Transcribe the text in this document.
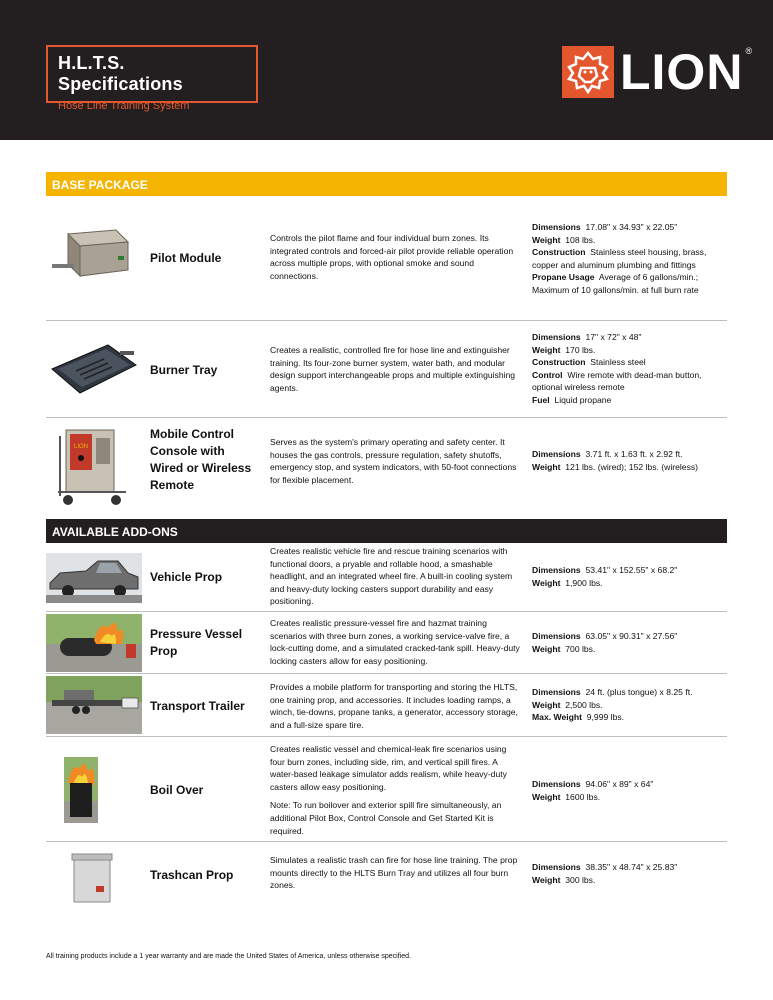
H.L.T.S. Specifications
Hose Line Training System
LION ®
BASE PACKAGE
Pilot Module
Controls the pilot flame and four individual burn zones. Its integrated controls and forced-air pilot provide reliable operation across multiple props, with optional smoke and sound connections.
Dimensions 17.08" x 34.93" x 22.05"
Weight 108 lbs.
Construction Stainless steel housing, brass, copper and aluminum plumbing and fittings
Propane Usage Average of 6 gallons/min.; Maximum of 10 gallons/min. at full burn rate
Burner Tray
Creates a realistic, controlled fire for hose line and extinguisher training. Its four-zone burner system, water bath, and modular design support interchangeable props and multiple extinguishing agents.
Dimensions 17" x 72" x 48"
Weight 170 lbs.
Construction Stainless steel
Control Wire remote with dead-man button, optional wireless remote
Fuel Liquid propane
LION
Mobile Control Console with Wired or Wireless Remote
Serves as the system's primary operating and safety center. It houses the gas controls, pressure regulation, safety shutoffs, emergency stop, and system indicators, with 50-foot connections for flexible placement.
Dimensions 3.71 ft. x 1.63 ft. x 2.92 ft.
Weight 121 lbs. (wired); 152 lbs. (wireless)
AVAILABLE ADD-ONS
Vehicle Prop
Creates realistic vehicle fire and rescue training scenarios with functional doors, a pryable and rollable hood, a smashable headlight, and an integrated wheel fire. A built-in cooling system and heavy-duty locking casters support durability and easy positioning.
Dimensions 53.41" x 152.55" x 68.2"
Weight 1,900 lbs.
Pressure Vessel Prop
Creates realistic pressure-vessel fire and hazmat training scenarios with three burn zones, a working service-valve fire, a lock-cutting dome, and a simulated cracked-tank spill. Heavy-duty locking casters allow for easy positioning.
Dimensions 63.05" x 90.31" x 27.56"
Weight 700 lbs.
Transport Trailer
Provides a mobile platform for transporting and storing the HLTS, one training prop, and accessories. It includes loading ramps, a winch, tie-downs, propane tanks, a generator, accessory storage, and a full-size spare tire.
Dimensions 24 ft. (plus tongue) x 8.25 ft.
Weight 2,500 lbs.
Max. Weight 9,999 lbs.
Boil Over
Creates realistic vessel and chemical-leak fire scenarios using four burn zones, including side, rim, and vertical spill fires. A water-based leakage simulator adds realism, while heavy-duty casters allow easy positioning.
Note: To run boilover and exterior spill fire simultaneously, an additional Pilot Box, Control Console and Get Started Kit is required.
Dimensions 94.06" x 89" x 64"
Weight 1600 lbs.
Trashcan Prop
Simulates a realistic trash can fire for hose line training. The prop mounts directly to the HLTS Burn Tray and utilizes all four burn zones.
Dimensions 38.35" x 48.74" x 25.83"
Weight 300 lbs.
All training products include a 1 year warranty and are made the United States of America, unless otherwise specified.
